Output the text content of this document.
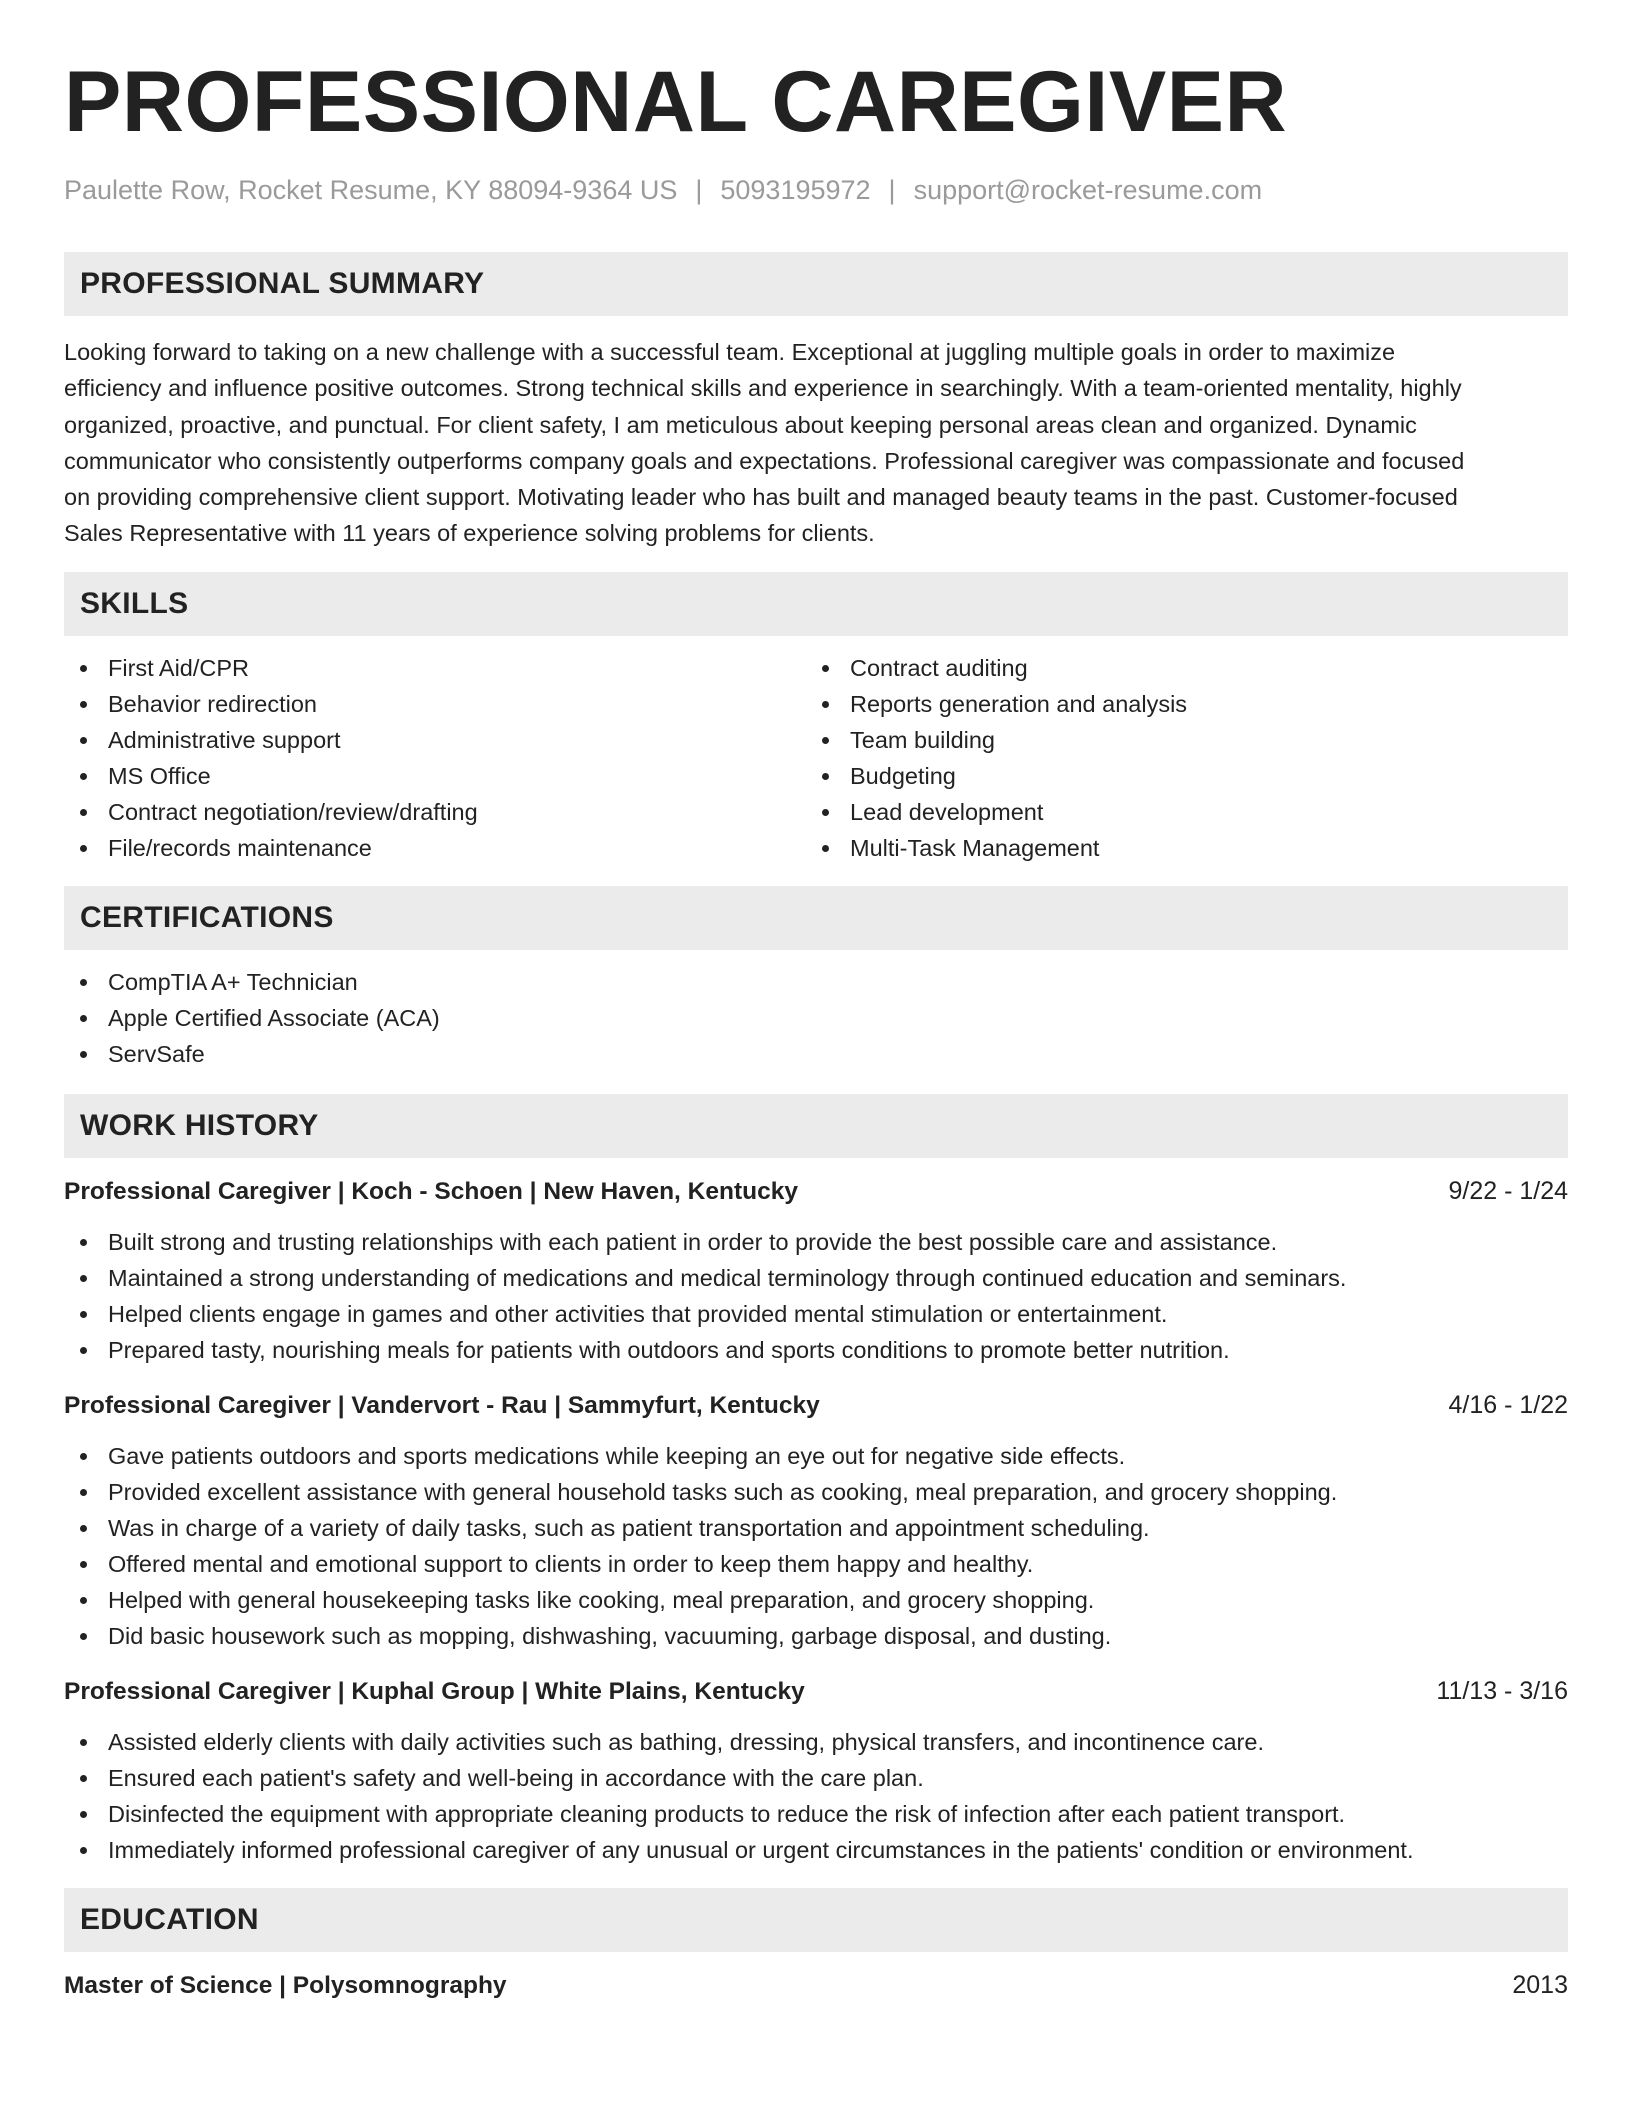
PROFESSIONAL CAREGIVER
Paulette Row, Rocket Resume, KY 88094-9364 US | 5093195972 | support@rocket-resume.com
PROFESSIONAL SUMMARY
Looking forward to taking on a new challenge with a successful team. Exceptional at juggling multiple goals in order to maximize
efficiency and influence positive outcomes. Strong technical skills and experience in searchingly. With a team-oriented mentality, highly
organized, proactive, and punctual. For client safety, I am meticulous about keeping personal areas clean and organized. Dynamic
communicator who consistently outperforms company goals and expectations. Professional caregiver was compassionate and focused
on providing comprehensive client support. Motivating leader who has built and managed beauty teams in the past. Customer-focused
Sales Representative with 11 years of experience solving problems for clients.
SKILLS
First Aid/CPR
Behavior redirection
Administrative support
MS Office
Contract negotiation/review/drafting
File/records maintenance
Contract auditing
Reports generation and analysis
Team building
Budgeting
Lead development
Multi-Task Management
CERTIFICATIONS
CompTIA A+ Technician
Apple Certified Associate (ACA)
ServSafe
WORK HISTORY
Professional Caregiver | Koch - Schoen | New Haven, Kentucky	9/22 - 1/24
Built strong and trusting relationships with each patient in order to provide the best possible care and assistance.
Maintained a strong understanding of medications and medical terminology through continued education and seminars.
Helped clients engage in games and other activities that provided mental stimulation or entertainment.
Prepared tasty, nourishing meals for patients with outdoors and sports conditions to promote better nutrition.
Professional Caregiver | Vandervort - Rau | Sammyfurt, Kentucky	4/16 - 1/22
Gave patients outdoors and sports medications while keeping an eye out for negative side effects.
Provided excellent assistance with general household tasks such as cooking, meal preparation, and grocery shopping.
Was in charge of a variety of daily tasks, such as patient transportation and appointment scheduling.
Offered mental and emotional support to clients in order to keep them happy and healthy.
Helped with general housekeeping tasks like cooking, meal preparation, and grocery shopping.
Did basic housework such as mopping, dishwashing, vacuuming, garbage disposal, and dusting.
Professional Caregiver | Kuphal Group | White Plains, Kentucky	11/13 - 3/16
Assisted elderly clients with daily activities such as bathing, dressing, physical transfers, and incontinence care.
Ensured each patient's safety and well-being in accordance with the care plan.
Disinfected the equipment with appropriate cleaning products to reduce the risk of infection after each patient transport.
Immediately informed professional caregiver of any unusual or urgent circumstances in the patients' condition or environment.
EDUCATION
Master of Science | Polysomnography	2013
